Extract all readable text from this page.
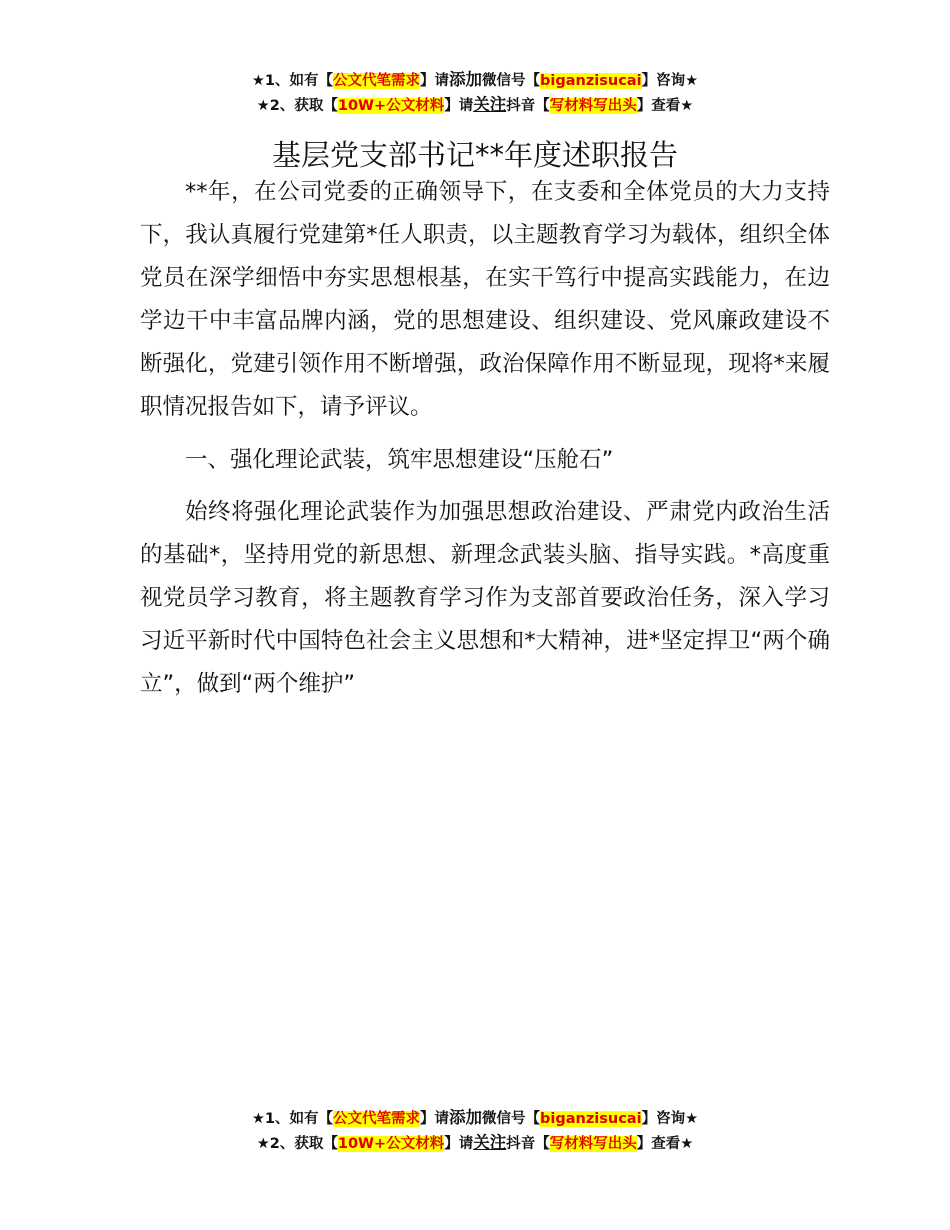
★1、如有【公文代笔需求】请添加微信号【biganzisucai】咨询★
★2、获取【10W+公文材料】请关注抖音【写材料写出头】查看★
基层党支部书记**年度述职报告

**年，在公司党委的正确领导下，在支委和全体党员的大力支持下，我认真履行党建第*任人职责，以主题教育学习为载体，组织全体党员在深学细悟中夯实思想根基，在实干笃行中提高实践能力，在边学边干中丰富品牌内涵，党的思想建设、组织建设、党风廉政建设不断强化，党建引领作用不断增强，政治保障作用不断显现，现将*来履职情况报告如下，请予评议。

一、强化理论武装，筑牢思想建设“压舱石”

始终将强化理论武装作为加强思想政治建设、严肃党内政治生活的基础*，坚持用党的新思想、新理念武装头脑、指导实践。*高度重视党员学习教育，将主题教育学习作为支部首要政治任务，深入学习习近平新时代中国特色社会主义思想和*大精神，进*坚定捍卫“两个确立”，做到“两个维护”

★1、如有【公文代笔需求】请添加微信号【biganzisucai】咨询★
★2、获取【10W+公文材料】请关注抖音【写材料写出头】查看★
